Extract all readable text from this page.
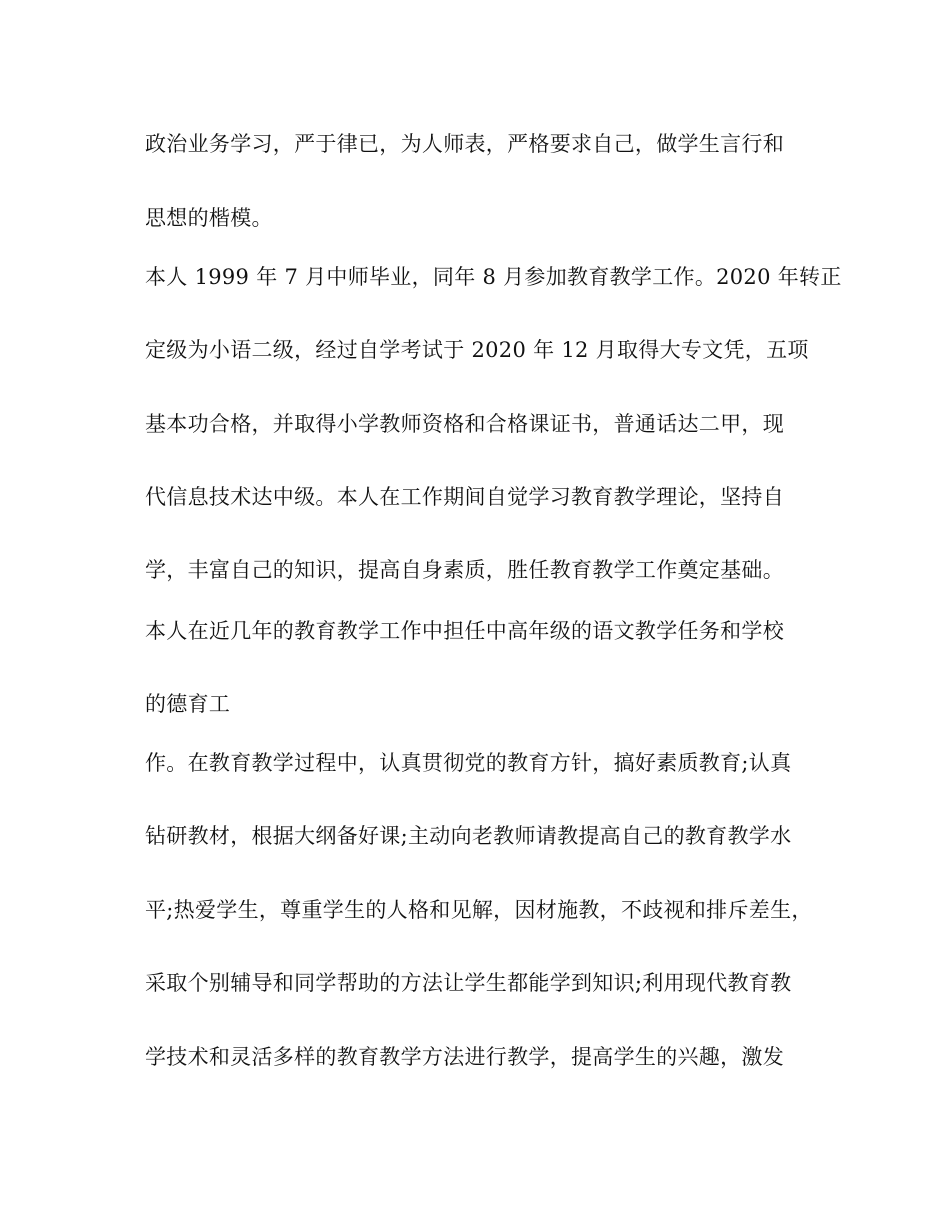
政治业务学习，严于律已，为人师表，严格要求自己，做学生言行和
思想的楷模。
本人 1999 年 7 月中师毕业，同年 8 月参加教育教学工作。2020 年转正
定级为小语二级，经过自学考试于 2020 年 12 月取得大专文凭，五项
基本功合格，并取得小学教师资格和合格课证书，普通话达二甲，现
代信息技术达中级。本人在工作期间自觉学习教育教学理论，坚持自
学，丰富自己的知识，提高自身素质，胜任教育教学工作奠定基础。
本人在近几年的教育教学工作中担任中高年级的语文教学任务和学校
的德育工
作。在教育教学过程中，认真贯彻党的教育方针，搞好素质教育;认真
钻研教材，根据大纲备好课;主动向老教师请教提高自己的教育教学水
平;热爱学生，尊重学生的人格和见解，因材施教，不歧视和排斥差生，
采取个别辅导和同学帮助的方法让学生都能学到知识;利用现代教育教
学技术和灵活多样的教育教学方法进行教学，提高学生的兴趣，激发
